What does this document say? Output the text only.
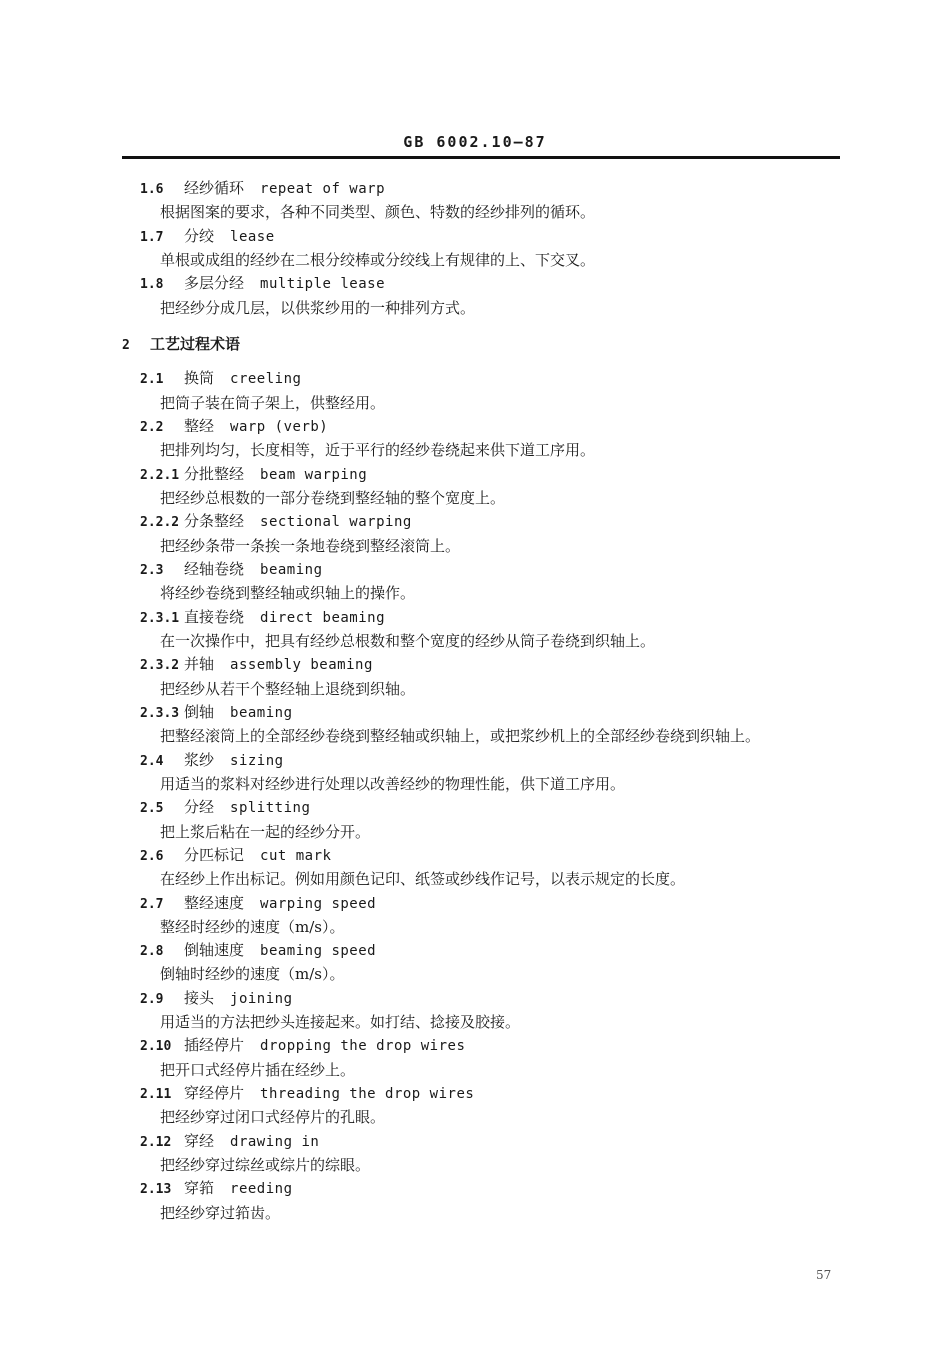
GB 6002.10—87
1.6 经纱循环 repeat of warp
根据图案的要求，各种不同类型、颜色、特数的经纱排列的循环。
1.7 分绞 lease
单根或成组的经纱在二根分绞棒或分绞线上有规律的上、下交叉。
1.8 多层分经 multiple lease
把经纱分成几层，以供浆纱用的一种排列方式。
2 工艺过程术语
2.1 换筒 creeling
把筒子装在筒子架上，供整经用。
2.2 整经 warp (verb)
把排列均匀，长度相等，近于平行的经纱卷绕起来供下道工序用。
2.2.1 分批整经 beam warping
把经纱总根数的一部分卷绕到整经轴的整个宽度上。
2.2.2 分条整经 sectional warping
把经纱条带一条挨一条地卷绕到整经滚筒上。
2.3 经轴卷绕 beaming
将经纱卷绕到整经轴或织轴上的操作。
2.3.1 直接卷绕 direct beaming
在一次操作中，把具有经纱总根数和整个宽度的经纱从筒子卷绕到织轴上。
2.3.2 并轴 assembly beaming
把经纱从若干个整经轴上退绕到织轴。
2.3.3 倒轴 beaming
把整经滚筒上的全部经纱卷绕到整经轴或织轴上，或把浆纱机上的全部经纱卷绕到织轴上。
2.4 浆纱 sizing
用适当的浆料对经纱进行处理以改善经纱的物理性能，供下道工序用。
2.5 分经 splitting
把上浆后粘在一起的经纱分开。
2.6 分匹标记 cut mark
在经纱上作出标记。例如用颜色记印、纸签或纱线作记号，以表示规定的长度。
2.7 整经速度 warping speed
整经时经纱的速度（m/s）。
2.8 倒轴速度 beaming speed
倒轴时经纱的速度（m/s）。
2.9 接头 joining
用适当的方法把纱头连接起来。如打结、捻接及胶接。
2.10 插经停片 dropping the drop wires
把开口式经停片插在经纱上。
2.11 穿经停片 threading the drop wires
把经纱穿过闭口式经停片的孔眼。
2.12 穿经 drawing in
把经纱穿过综丝或综片的综眼。
2.13 穿筘 reeding
把经纱穿过筘齿。
57
